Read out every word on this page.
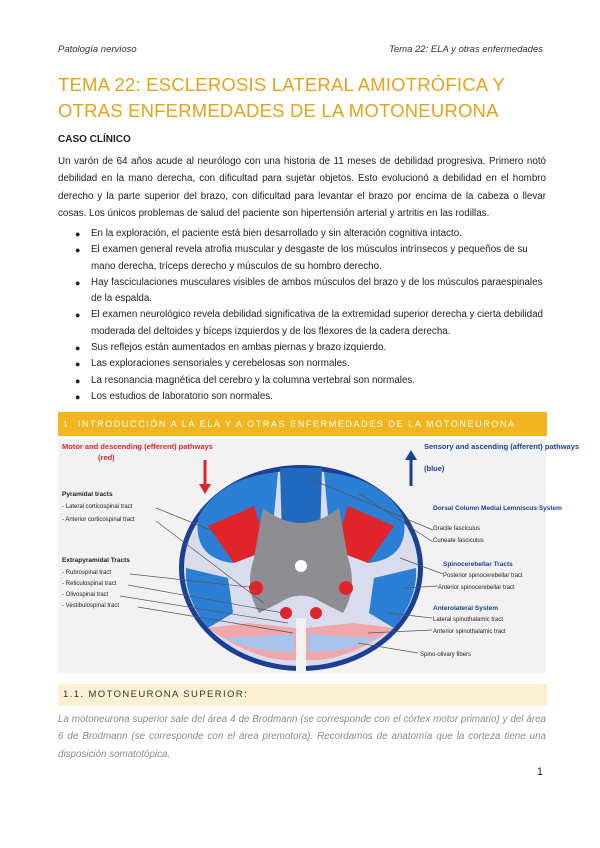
Patología nervioso	Tema 22: ELA y otras enfermedades
TEMA 22: ESCLEROSIS LATERAL AMIOTRÓFICA Y OTRAS ENFERMEDADES DE LA MOTONEURONA
CASO CLÍNICO
Un varón de 64 años acude al neurólogo con una historia de 11 meses de debilidad progresiva. Primero notó debilidad en la mano derecha, con dificultad para sujetar objetos. Esto evolucionó a debilidad en el hombro derecho y la parte superior del brazo, con dificultad para levantar el brazo por encima de la cabeza o llevar cosas. Los únicos problemas de salud del paciente son hipertensión arterial y artritis en las rodillas.
● En la exploración, el paciente está bien desarrollado y sin alteración cognitiva intacto.
● El examen general revela atrofia muscular y desgaste de los músculos intrínsecos y pequeños de su mano derecha, tríceps derecho y músculos de su hombro derecho.
● Hay fasciculaciones musculares visibles de ambos músculos del brazo y de los músculos paraespinales de la espalda.
● El examen neurológico revela debilidad significativa de la extremidad superior derecha y cierta debilidad moderada del deltoides y bíceps izquierdos y de los flexores de la cadera derecha.
● Sus reflejos están aumentados en ambas piernas y brazo izquierdo.
● Las exploraciones sensoriales y cerebelosas son normales.
● La resonancia magnética del cerebro y la columna vertebral son normales.
● Los estudios de laboratorio son normales.
1. INTRODUCCIÓN A LA ELA Y A OTRAS ENFERMEDADES DE LA MOTONEURONA
Motor and descending (efferent) pathways
(red)
Pyramidal tracts
- Lateral corticospinal tract
- Anterior corticospinal tract
Extrapyramidal Tracts
- Rubrospinal tract
- Reticulospinal tract
- Olivospinal tract
- Vestibulospinal tract
Sensory and ascending (afferent) pathways
(blue)
Dorsal Column Medial Lemniscus System
Gracile fasciculus
Cuneate fasciculus
Spinocerebellar Tracts
Posterior spinocerebellar tract
Anterior spinocerebellar tract
Anterolateral System
Lateral spinothalamic tract
Anterior spinothalamic tract
Spino-olivary fibers
1.1. MOTONEURONA SUPERIOR:
La motoneurona superior sale del área 4 de Brodmann (se corresponde con el córtex motor primario) y del área 6 de Brodmann (se corresponde con el área premotora). Recordamos de anatomía que la corteza tiene una disposición somatotópica.
1
